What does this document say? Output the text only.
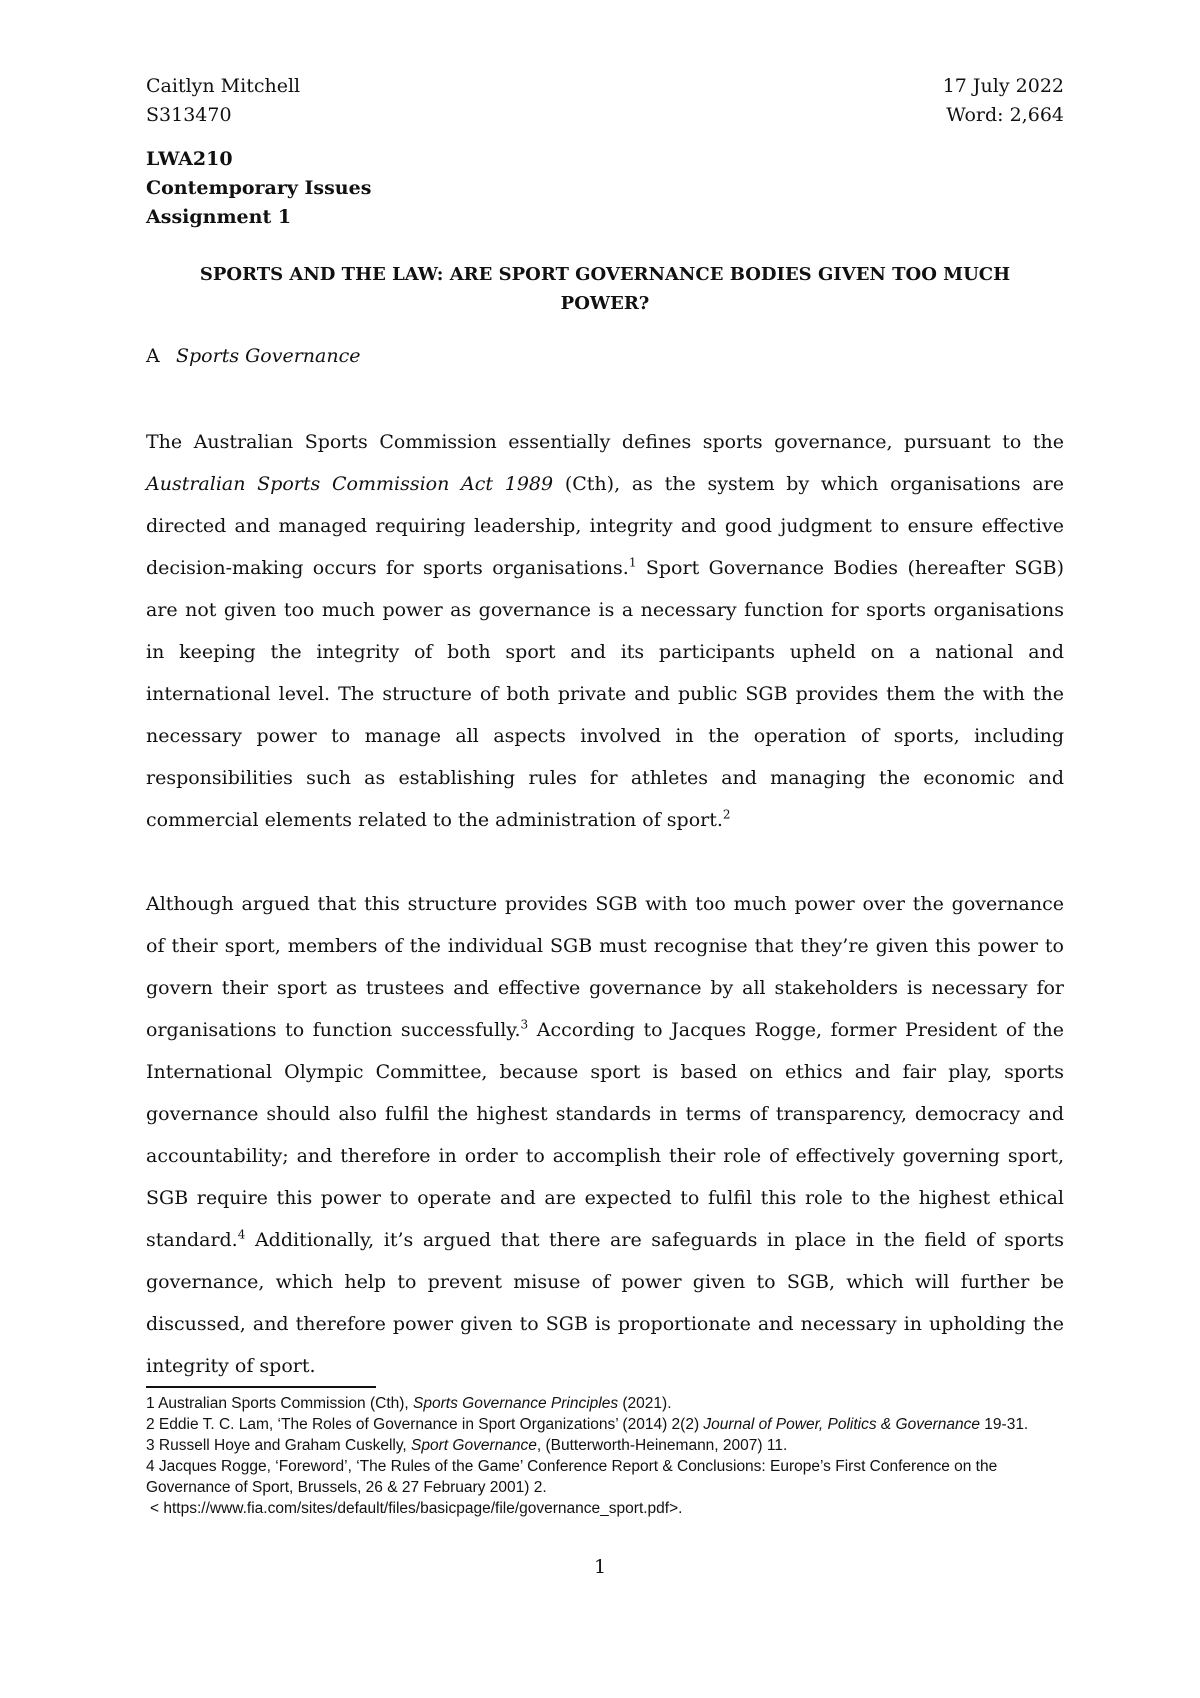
Caitlyn Mitchell	17 July 2022
S313470	Word: 2,664
LWA210
Contemporary Issues
Assignment 1
SPORTS AND THE LAW: ARE SPORT GOVERNANCE BODIES GIVEN TOO MUCH POWER?
A Sports Governance

The Australian Sports Commission essentially defines sports governance, pursuant to the Australian Sports Commission Act 1989 (Cth), as the system by which organisations are directed and managed requiring leadership, integrity and good judgment to ensure effective decision-making occurs for sports organisations.$^1$ Sport Governance Bodies (hereafter SGB) are not given too much power as governance is a necessary function for sports organisations in keeping the integrity of both sport and its participants upheld on a national and international level. The structure of both private and public SGB provides them the with the necessary power to manage all aspects involved in the operation of sports, including responsibilities such as establishing rules for athletes and managing the economic and commercial elements related to the administration of sport.$^2$

Although argued that this structure provides SGB with too much power over the governance of their sport, members of the individual SGB must recognise that they’re given this power to govern their sport as trustees and effective governance by all stakeholders is necessary for organisations to function successfully.$^3$ According to Jacques Rogge, former President of the International Olympic Committee, because sport is based on ethics and fair play, sports governance should also fulfil the highest standards in terms of transparency, democracy and accountability; and therefore in order to accomplish their role of effectively governing sport, SGB require this power to operate and are expected to fulfil this role to the highest ethical standard.$^4$ Additionally, it’s argued that there are safeguards in place in the field of sports governance, which help to prevent misuse of power given to SGB, which will further be discussed, and therefore power given to SGB is proportionate and necessary in upholding the integrity of sport.

1 Australian Sports Commission (Cth), Sports Governance Principles (2021).

2 Eddie T. C. Lam, ‘The Roles of Governance in Sport Organizations’ (2014) 2(2) Journal of Power, Politics & Governance 19-31.

3 Russell Hoye and Graham Cuskelly, Sport Governance, (Butterworth-Heinemann, 2007) 11.

4 Jacques Rogge, ‘Foreword’, ‘The Rules of the Game’ Conference Report & Conclusions: Europe’s First Conference on the Governance of Sport, Brussels, 26 & 27 February 2001) 2.

< https://www.fia.com/sites/default/files/basicpage/file/governance_sport.pdf>.

1
